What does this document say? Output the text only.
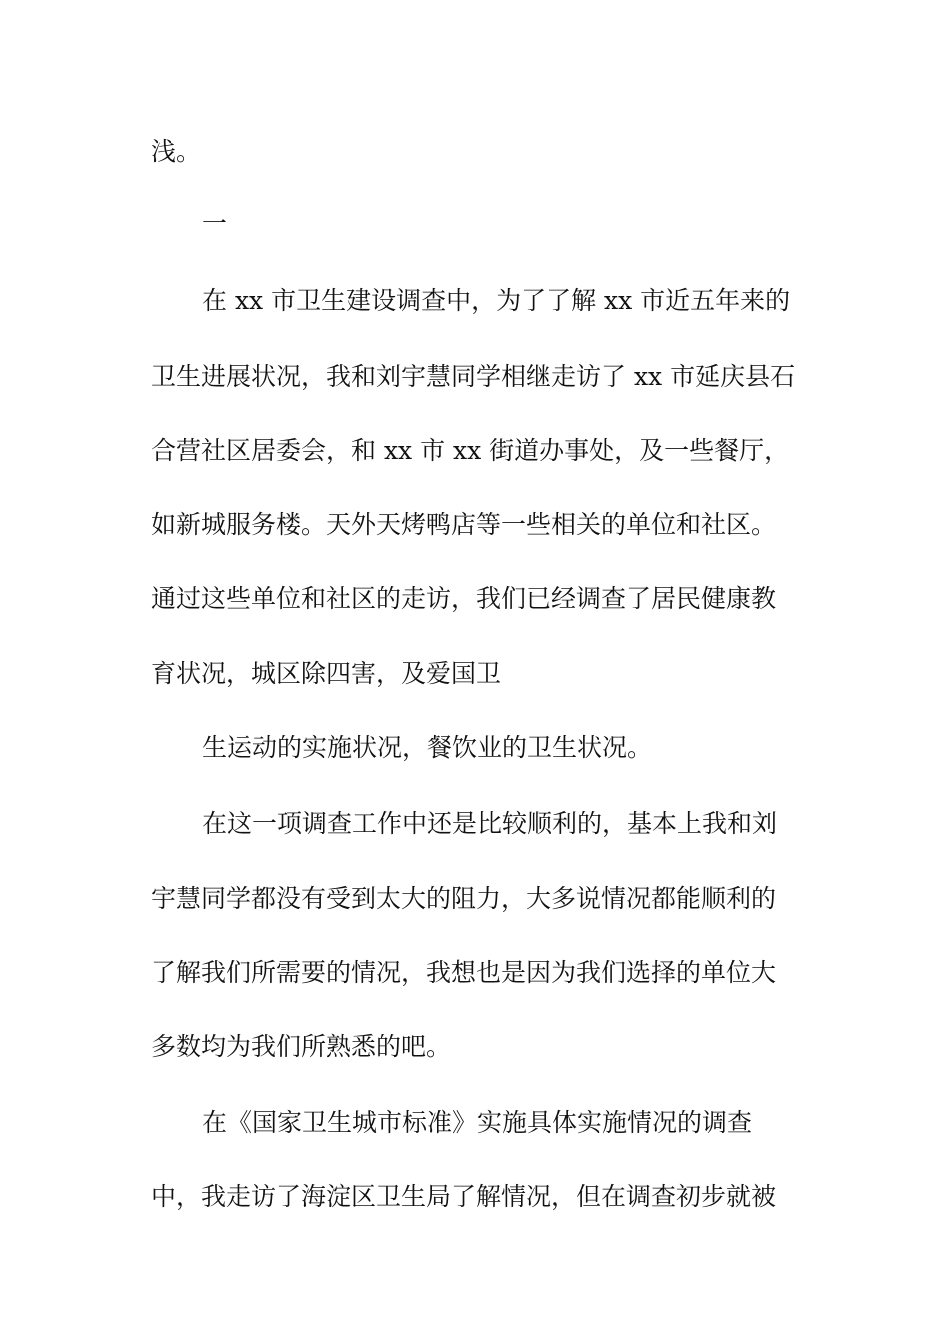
浅。
一
在 xx 市卫生建设调查中，为了了解 xx 市近五年来的
卫生进展状况，我和刘宇慧同学相继走访了 xx 市延庆县石
合营社区居委会，和 xx 市 xx 街道办事处，及一些餐厅，
如新城服务楼。天外天烤鸭店等一些相关的单位和社区。
通过这些单位和社区的走访，我们已经调查了居民健康教
育状况，城区除四害，及爱国卫
生运动的实施状况，餐饮业的卫生状况。
在这一项调查工作中还是比较顺利的，基本上我和刘
宇慧同学都没有受到太大的阻力，大多说情况都能顺利的
了解我们所需要的情况，我想也是因为我们选择的单位大
多数均为我们所熟悉的吧。
在《国家卫生城市标准》实施具体实施情况的调查
中，我走访了海淀区卫生局了解情况，但在调查初步就被
